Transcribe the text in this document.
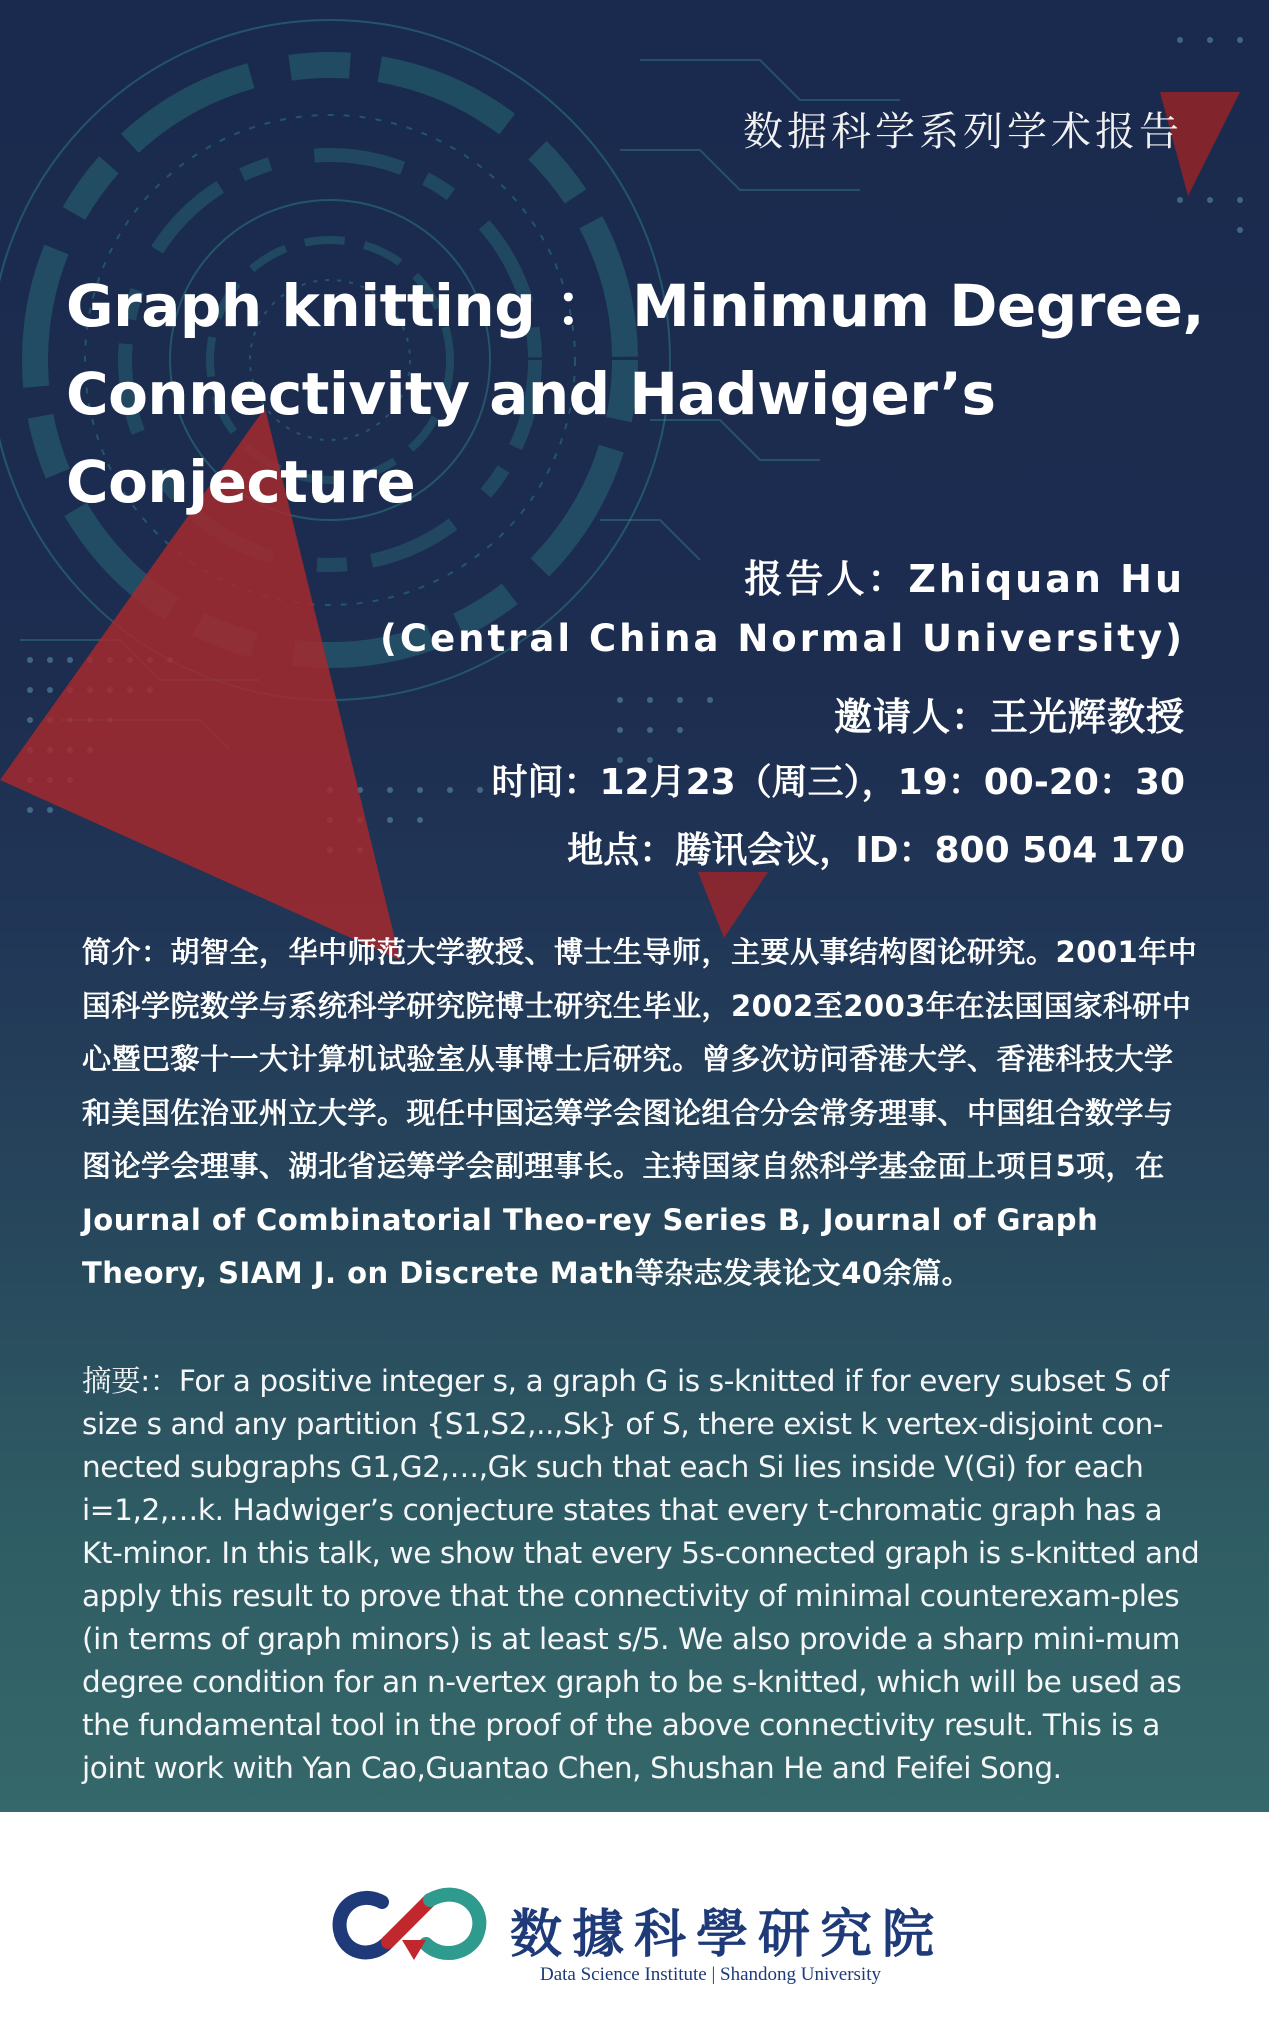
数据科学系列学术报告
Graph knitting ： Minimum Degree,
Connectivity and Hadwiger’s Conjecture

报告人：Zhiquan Hu

(Central China Normal University)

邀请人：王光辉教授

时间：12月23（周三），19：00-20：30

地点：腾讯会议，ID：800 504 170

简介：胡智全，华中师范大学教授、博士生导师，主要从事结构图论研究。2001年中国科学院数学与系统科学研究院博士研究生毕业，2002至2003年在法国国家科研中心暨巴黎十一大计算机试验室从事博士后研究。曾多次访问香港大学、香港科技大学和美国佐治亚州立大学。现任中国运筹学会图论组合分会常务理事、中国组合数学与图论学会理事、湖北省运筹学会副理事长。主持国家自然科学基金面上项目5项，在Journal of Combinatorial Theo-rey Series B, Journal of Graph Theory, SIAM J. on Discrete Math等杂志发表论文40余篇。

摘要:：For a positive integer s, a graph G is s-knitted if for every subset S of size s and any partition {S1,S2,..,Sk} of S, there exist k vertex-disjoint con-nected subgraphs G1,G2,…,Gk such that each Si lies inside V(Gi) for each i=1,2,…k. Hadwiger’s conjecture states that every t-chromatic graph has a Kt-minor. In this talk, we show that every 5s-connected graph is s-knitted and apply this result to prove that the connectivity of minimal counterexam-ples (in terms of graph minors) is at least s/5. We also provide a sharp mini-mum degree condition for an n-vertex graph to be s-knitted, which will be used as the fundamental tool in the proof of the above connectivity result. This is a joint work with Yan Cao,Guantao Chen, Shushan He and Feifei Song.

数據科學研究院

Data Science Institute | Shandong University
